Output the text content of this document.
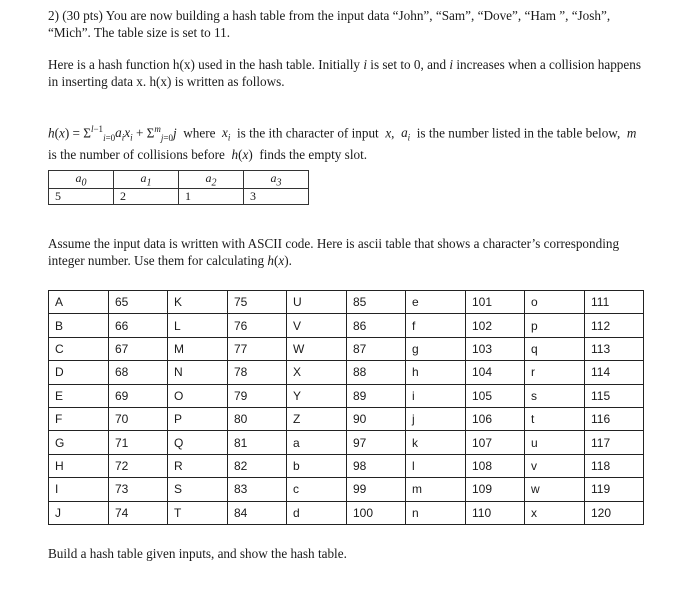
2) (30 pts) You are now building a hash table from the input data “John”, “Sam”, “Dove”, “Ham ”, “Josh”, “Mich”. The table size is set to 11.
Here is a hash function h(x) used in the hash table. Initially i is set to 0, and i increases when a collision happens in inserting data x. h(x) is written as follows.
$h(x) = \Sigma^{l-1}_{i=0}a_ix_i + \Sigma^m_{j=0}j$  where  $x_i$  is the ith character of input  x,  $a_i$  is the number listed in the table below,  m  is the number of collisions before  h(x)  finds the empty slot.
$a_0$	$a_1$	$a_2$	$a_3$
5	2	1	3
Assume the input data is written with ASCII code. Here is ascii table that shows a character’s corresponding integer number. Use them for calculating h(x).
A	65	K	75	U	85	e	101	o	111
B	66	L	76	V	86	f	102	p	112
C	67	M	77	W	87	g	103	q	113
D	68	N	78	X	88	h	104	r	114
E	69	O	79	Y	89	i	105	s	115
F	70	P	80	Z	90	j	106	t	116
G	71	Q	81	a	97	k	107	u	117
H	72	R	82	b	98	l	108	v	118
I	73	S	83	c	99	m	109	w	119
J	74	T	84	d	100	n	110	x	120
Build a hash table given inputs, and show the hash table.
